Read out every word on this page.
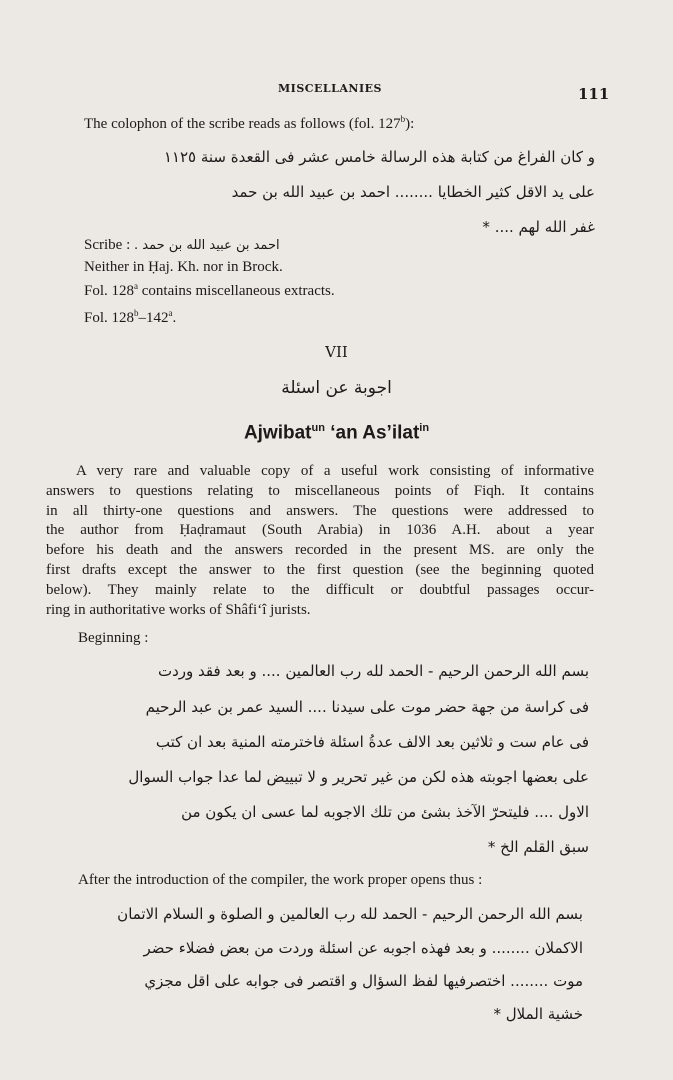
MISCELLANIES	111
The colophon of the scribe reads as follows (fol. 127$^b$):
و كان الفراغ من كتابة هذه الرسالة خامس عشر فى القعدة سنة ١١٢٥
على يد الاقل كثير الخطايا ........ احمد بن عبيد الله بن حمد
غفر الله لهم .... *
Scribe : . احمد بن عبيد الله بن حمد
Neither in Ḥaj. Kh. nor in Brock.
Fol. 128$^a$ contains miscellaneous extracts.
Fol. 128$^b$–142$^a$.
VII
اجوبة عن اسئلة
Ajwibat$^{un}$ ‘an As’ilat$^{in}$
A very rare and valuable copy of a useful work consisting of informative
answers to questions relating to miscellaneous points of Fiqh. It contains
in all thirty-one questions and answers. The questions were addressed to
the author from Ḥaḍramaut (South Arabia) in 1036 A.H. about a year
before his death and the answers recorded in the present MS. are only the
first drafts except the answer to the first question (see the beginning quoted
below). They mainly relate to the difficult or doubtful passages occur-
ring in authoritative works of Shâfi‘î jurists.
Beginning :
بسم الله الرحمن الرحيم - الحمد لله رب العالمين .... و بعد فقد وردت
فى كراسة من جهة حضر موت على سيدنا .... السيد عمر بن عبد الرحيم
فى عام ست و ثلاثين بعد الالف عدةُ اسئلة فاخترمته المنية بعد ان كتب
على بعضها اجوبته هذه لكن من غير تحرير و لا تبييض لما عدا جواب السوال
الاول .... فليتحرّ الآخذ بشئ من تلك الاجوبه لما عسى ان يكون من
سبق القلم الخ *
After the introduction of the compiler, the work proper opens thus :
بسم الله الرحمن الرحيم - الحمد لله رب العالمين و الصلوة و السلام الاتمان
الاكملان ........ و بعد فهذه اجوبه عن اسئلة وردت من بعض فضلاء حضر
موت ........ اختصرفيها لفظ السؤال و اقتصر فى جوابه على اقل مجزي
خشية الملال *
